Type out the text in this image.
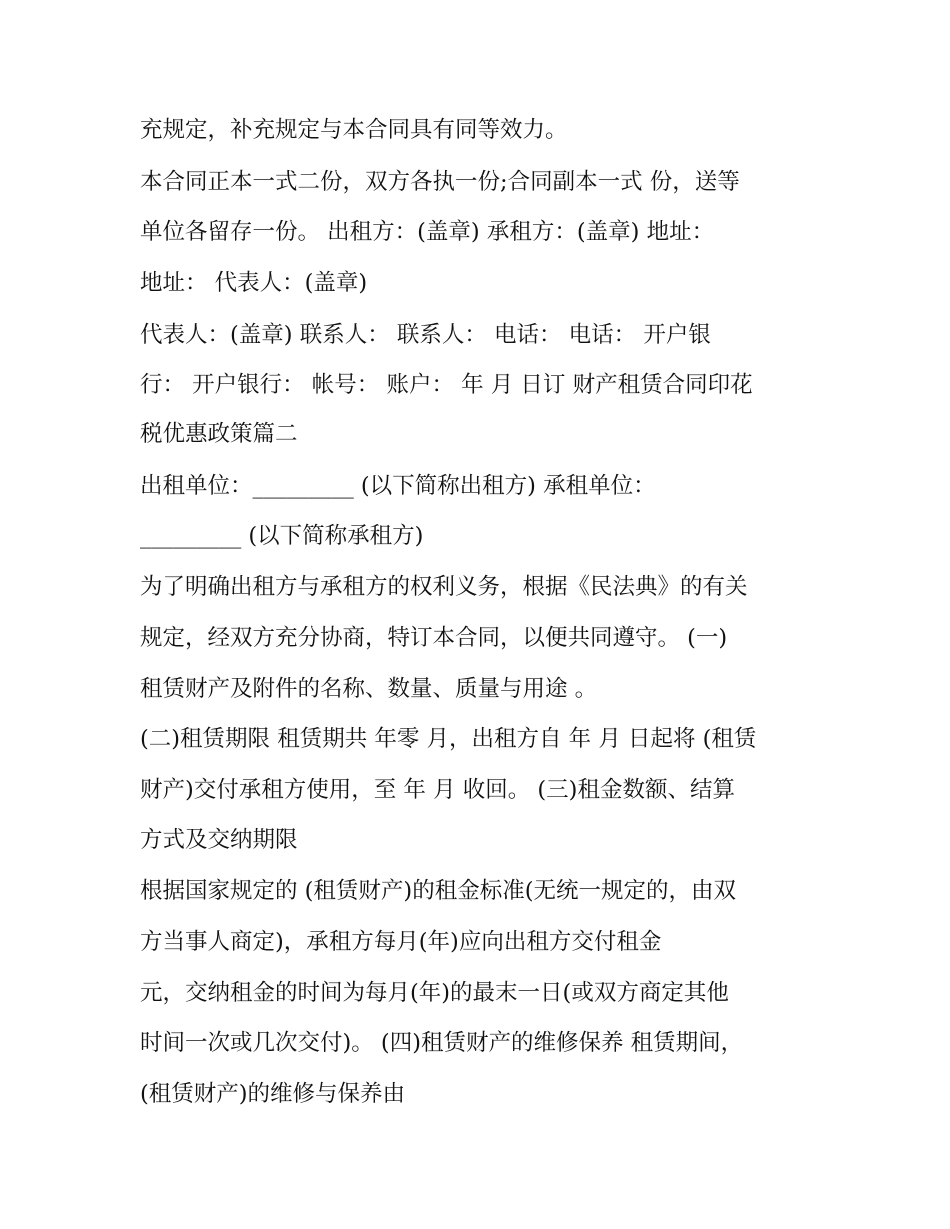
充规定，补充规定与本合同具有同等效力。
本合同正本一式二份，双方各执一份;合同副本一式 份，送等
单位各留存一份。 出租方：(盖章) 承租方：(盖章) 地址：
地址： 代表人：(盖章)
代表人：(盖章) 联系人： 联系人： 电话： 电话： 开户银
行： 开户银行： 帐号： 账户： 年 月 日订 财产租赁合同印花
税优惠政策篇二
出租单位：_________ (以下简称出租方) 承租单位：
_________ (以下简称承租方)
为了明确出租方与承租方的权利义务，根据《民法典》的有关
规定，经双方充分协商，特订本合同，以便共同遵守。 (一)
租赁财产及附件的名称、数量、质量与用途 。
(二)租赁期限 租赁期共 年零 月，出租方自 年 月 日起将 (租赁
财产)交付承租方使用，至 年 月 收回。 (三)租金数额、结算
方式及交纳期限
根据国家规定的 (租赁财产)的租金标准(无统一规定的，由双
方当事人商定)，承租方每月(年)应向出租方交付租金
元，交纳租金的时间为每月(年)的最末一日(或双方商定其他
时间一次或几次交付)。 (四)租赁财产的维修保养 租赁期间，
(租赁财产)的维修与保养由
